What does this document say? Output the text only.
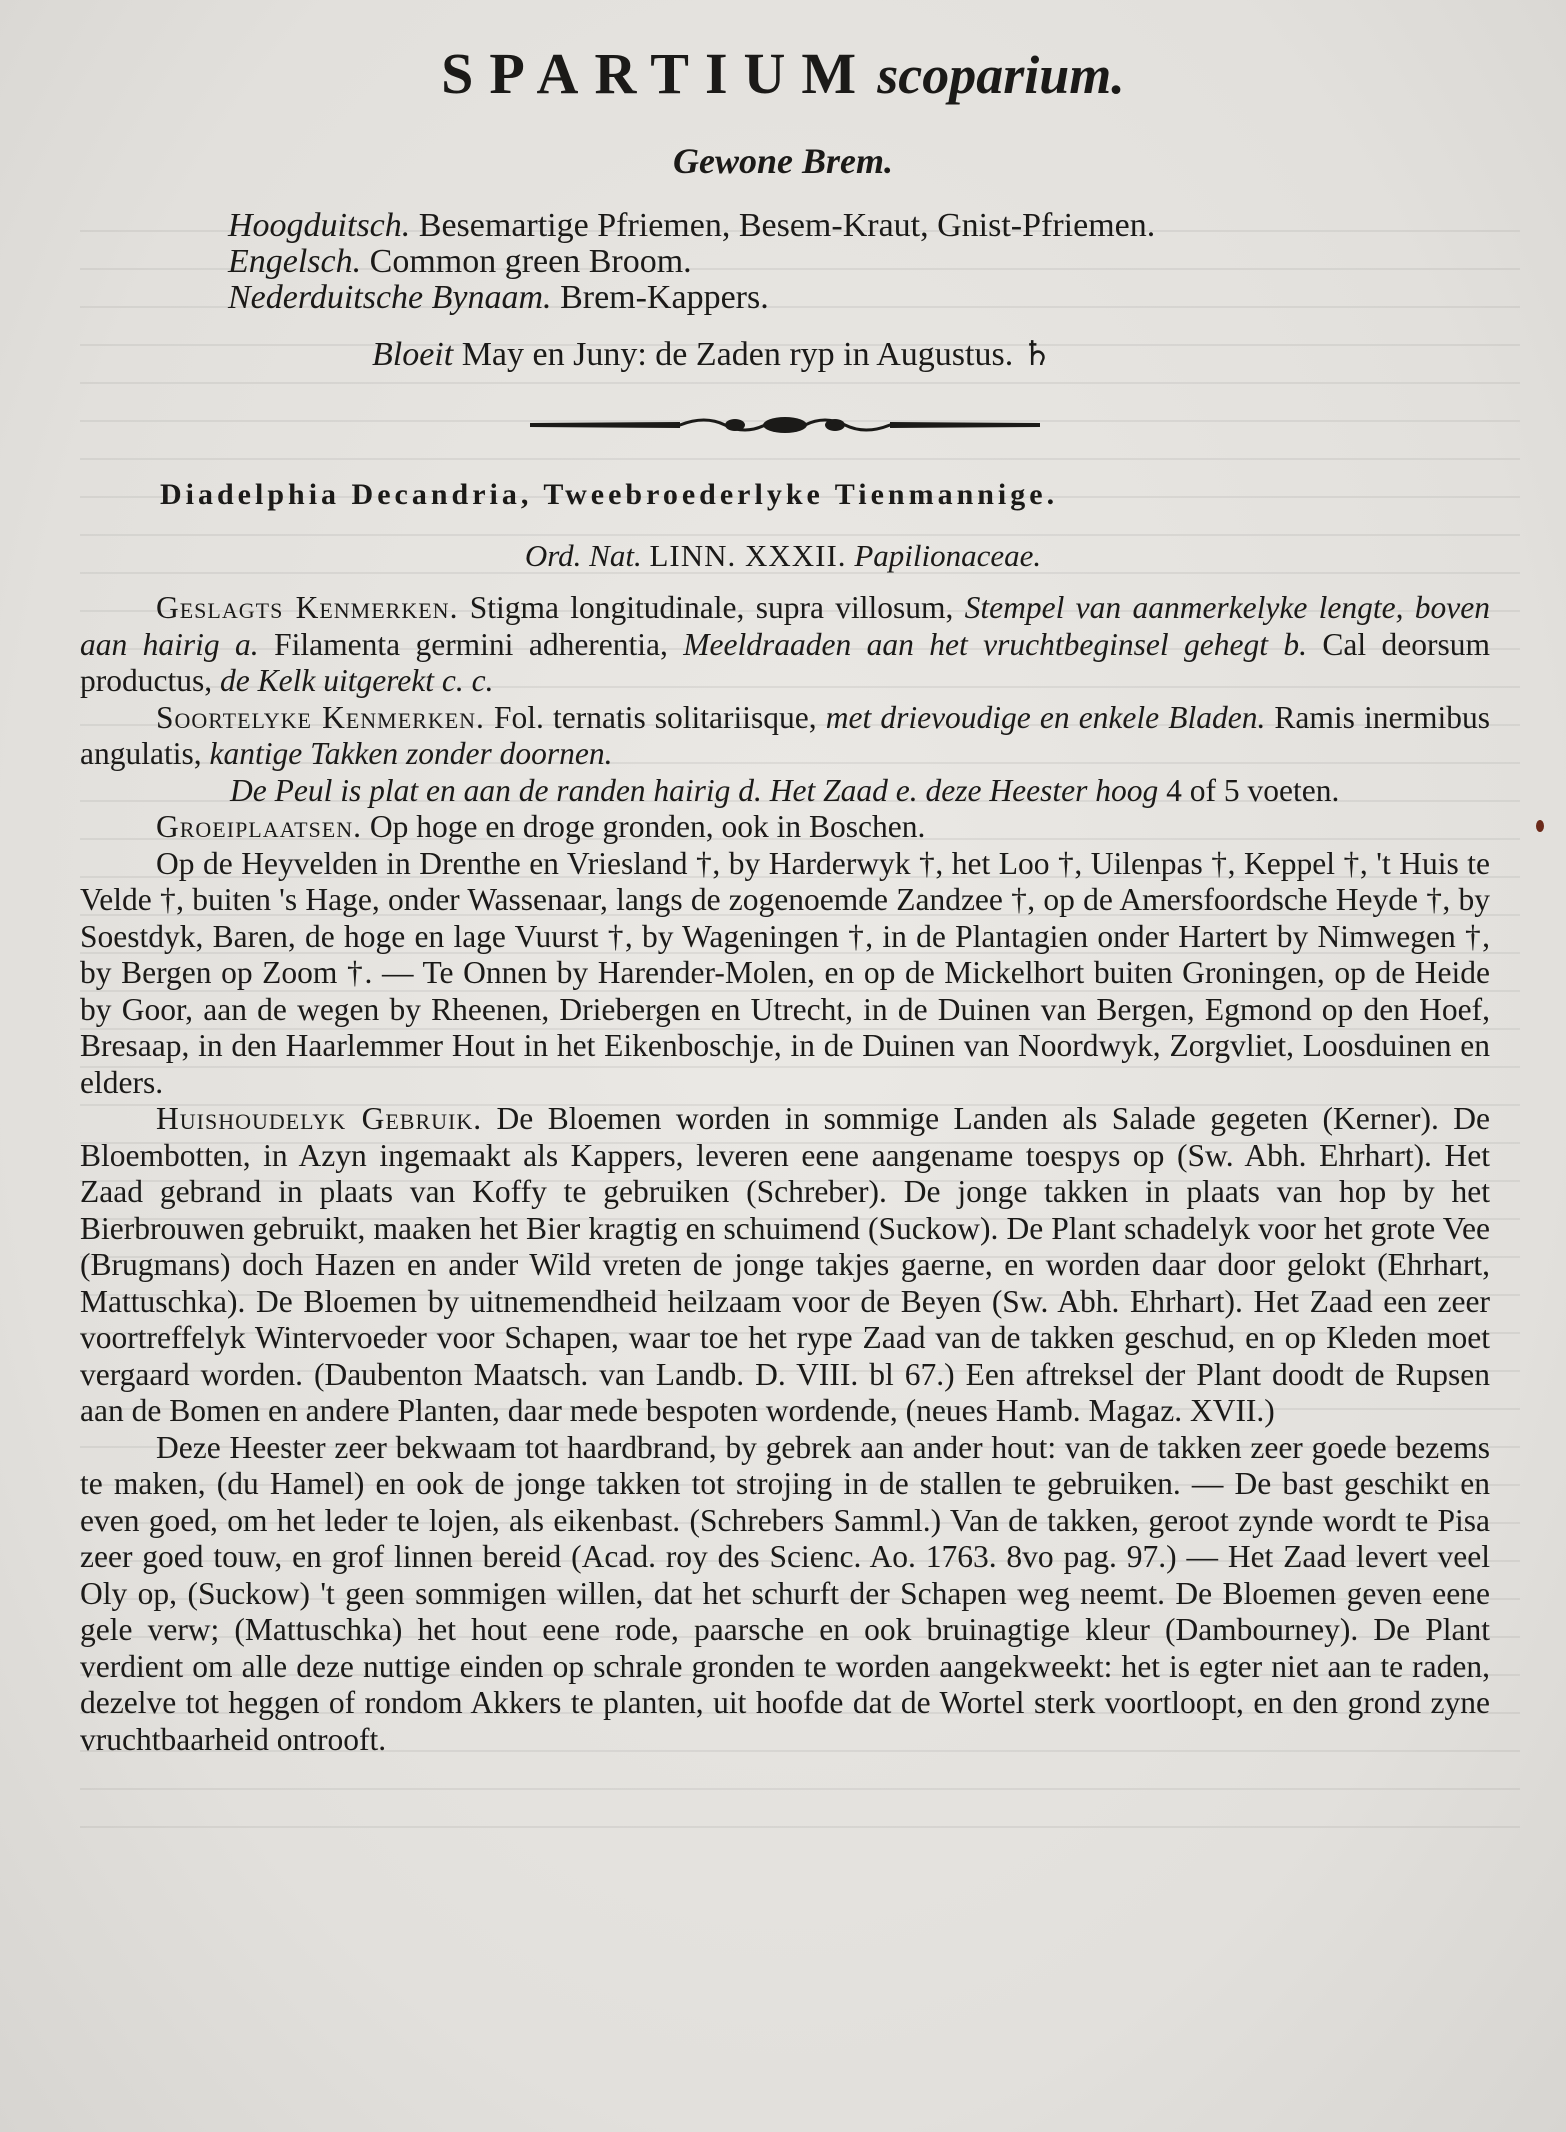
SPARTIUM scoparium.
Gewone Brem.
Hoogduitsch. Besemartige Pfriemen, Besem-Kraut, Gnist-Pfriemen.
Engelsch. Common green Broom.
Nederduitsche Bynaam. Brem-Kappers.
Bloeit May en Juny: de Zaden ryp in Augustus. ♄
Diadelphia Decandria, Tweebroederlyke Tienmannige.
Ord. Nat. LINN. XXXII. Papilionaceae.

Geslagts Kenmerken. Stigma longitudinale, supra villosum, Stempel van aanmerkelyke lengte, boven aan hairig a. Filamenta germini adherentia, Meeldraaden aan het vruchtbeginsel gehegt b. Cal deorsum productus, de Kelk uitgerekt c. c.

Soortelyke Kenmerken. Fol. ternatis solitariisque, met drievoudige en enkele Bladen. Ramis inermibus angulatis, kantige Takken zonder doornen.

De Peul is plat en aan de randen hairig d. Het Zaad e. deze Heester hoog 4 of 5 voeten.

Groeiplaatsen. Op hoge en droge gronden, ook in Boschen.

Op de Heyvelden in Drenthe en Vriesland †, by Harderwyk †, het Loo †, Uilenpas †, Keppel †, 't Huis te Velde †, buiten 's Hage, onder Wassenaar, langs de zogenoemde Zandzee †, op de Amersfoordsche Heyde †, by Soestdyk, Baren, de hoge en lage Vuurst †, by Wageningen †, in de Plantagien onder Hartert by Nimwegen †, by Bergen op Zoom †. — Te Onnen by Harender-Molen, en op de Mickelhort buiten Groningen, op de Heide by Goor, aan de wegen by Rheenen, Driebergen en Utrecht, in de Duinen van Bergen, Egmond op den Hoef, Bresaap, in den Haarlemmer Hout in het Eikenboschje, in de Duinen van Noordwyk, Zorgvliet, Loosduinen en elders.

Huishoudelyk Gebruik. De Bloemen worden in sommige Landen als Salade gegeten (Kerner). De Bloembotten, in Azyn ingemaakt als Kappers, leveren eene aangename toespys op (Sw. Abh. Ehrhart). Het Zaad gebrand in plaats van Koffy te gebruiken (Schreber). De jonge takken in plaats van hop by het Bierbrouwen gebruikt, maaken het Bier kragtig en schuimend (Suckow). De Plant schadelyk voor het grote Vee (Brugmans) doch Hazen en ander Wild vreten de jonge takjes gaerne, en worden daar door gelokt (Ehrhart, Mattuschka). De Bloemen by uitnemendheid heilzaam voor de Beyen (Sw. Abh. Ehrhart). Het Zaad een zeer voortreffelyk Wintervoeder voor Schapen, waar toe het rype Zaad van de takken geschud, en op Kleden moet vergaard worden. (Daubenton Maatsch. van Landb. D. VIII. bl 67.) Een aftreksel der Plant doodt de Rupsen aan de Bomen en andere Planten, daar mede bespoten wordende, (neues Hamb. Magaz. XVII.)

Deze Heester zeer bekwaam tot haardbrand, by gebrek aan ander hout: van de takken zeer goede bezems te maken, (du Hamel) en ook de jonge takken tot strojing in de stallen te gebruiken. — De bast geschikt en even goed, om het leder te lojen, als eikenbast. (Schrebers Samml.) Van de takken, geroot zynde wordt te Pisa zeer goed touw, en grof linnen bereid (Acad. roy des Scienc. Ao. 1763. 8vo pag. 97.) — Het Zaad levert veel Oly op, (Suckow) 't geen sommigen willen, dat het schurft der Schapen weg neemt. De Bloemen geven eene gele verw; (Mattuschka) het hout eene rode, paarsche en ook bruinagtige kleur (Dambourney). De Plant verdient om alle deze nuttige einden op schrale gronden te worden aangekweekt: het is egter niet aan te raden, dezelve tot heggen of rondom Akkers te planten, uit hoofde dat de Wortel sterk voortloopt, en den grond zyne vruchtbaarheid ontrooft.
